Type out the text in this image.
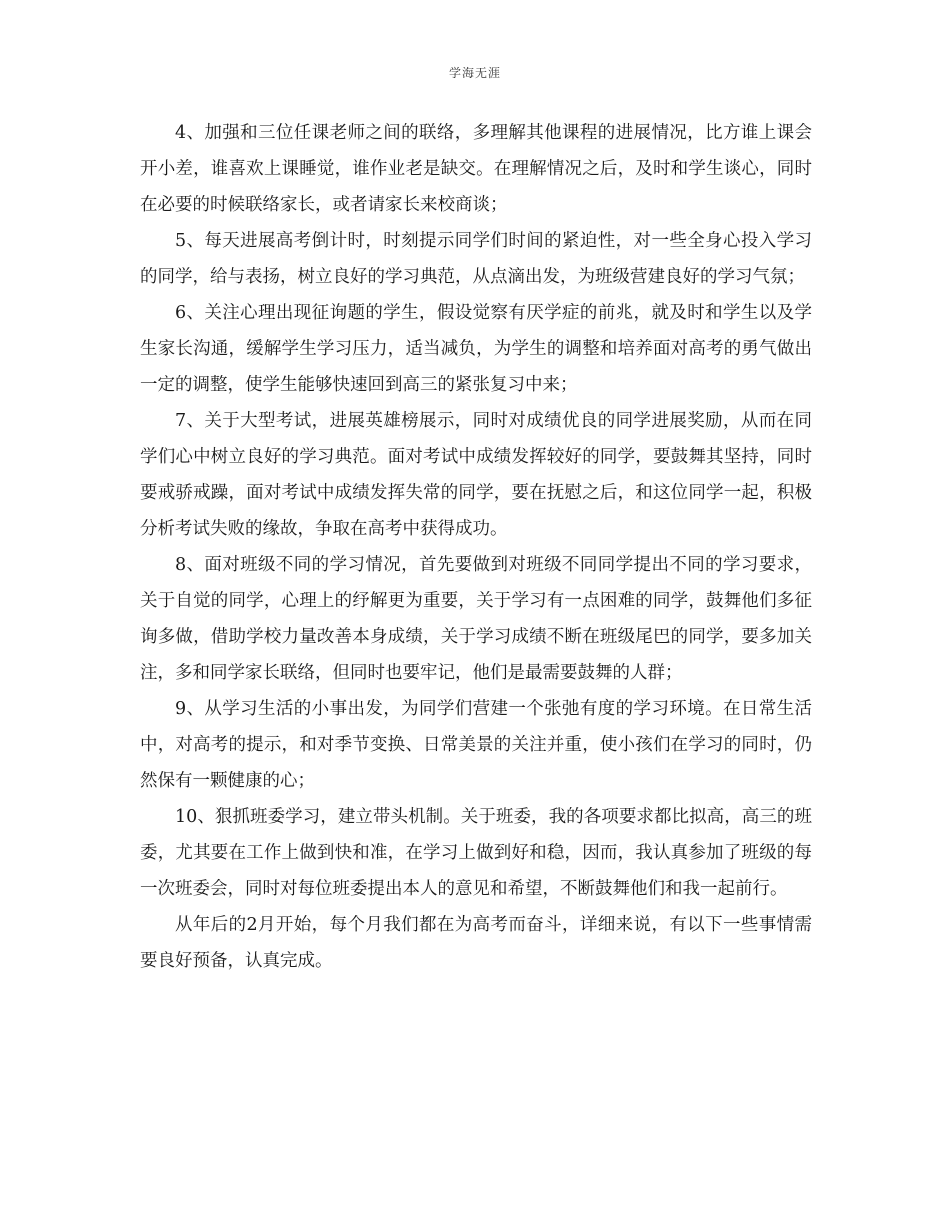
学海无涯

4、加强和三位任课老师之间的联络，多理解其他课程的进展情况，比方谁上课会开小差，谁喜欢上课睡觉，谁作业老是缺交。在理解情况之后，及时和学生谈心，同时在必要的时候联络家长，或者请家长来校商谈；

5、每天进展高考倒计时，时刻提示同学们时间的紧迫性，对一些全身心投入学习的同学，给与表扬，树立良好的学习典范，从点滴出发，为班级营建良好的学习气氛；

6、关注心理出现征询题的学生，假设觉察有厌学症的前兆，就及时和学生以及学生家长沟通，缓解学生学习压力，适当减负，为学生的调整和培养面对高考的勇气做出一定的调整，使学生能够快速回到高三的紧张复习中来；

7、关于大型考试，进展英雄榜展示，同时对成绩优良的同学进展奖励，从而在同学们心中树立良好的学习典范。面对考试中成绩发挥较好的同学，要鼓舞其坚持，同时要戒骄戒躁，面对考试中成绩发挥失常的同学，要在抚慰之后，和这位同学一起，积极分析考试失败的缘故，争取在高考中获得成功。

8、面对班级不同的学习情况，首先要做到对班级不同同学提出不同的学习要求，关于自觉的同学，心理上的纾解更为重要，关于学习有一点困难的同学，鼓舞他们多征询多做，借助学校力量改善本身成绩，关于学习成绩不断在班级尾巴的同学，要多加关注，多和同学家长联络，但同时也要牢记，他们是最需要鼓舞的人群；

9、从学习生活的小事出发，为同学们营建一个张弛有度的学习环境。在日常生活中，对高考的提示，和对季节变换、日常美景的关注并重，使小孩们在学习的同时，仍然保有一颗健康的心；

10、狠抓班委学习，建立带头机制。关于班委，我的各项要求都比拟高，高三的班委，尤其要在工作上做到快和准，在学习上做到好和稳，因而，我认真参加了班级的每一次班委会，同时对每位班委提出本人的意见和希望，不断鼓舞他们和我一起前行。

从年后的2月开始，每个月我们都在为高考而奋斗，详细来说，有以下一些事情需要良好预备，认真完成。
